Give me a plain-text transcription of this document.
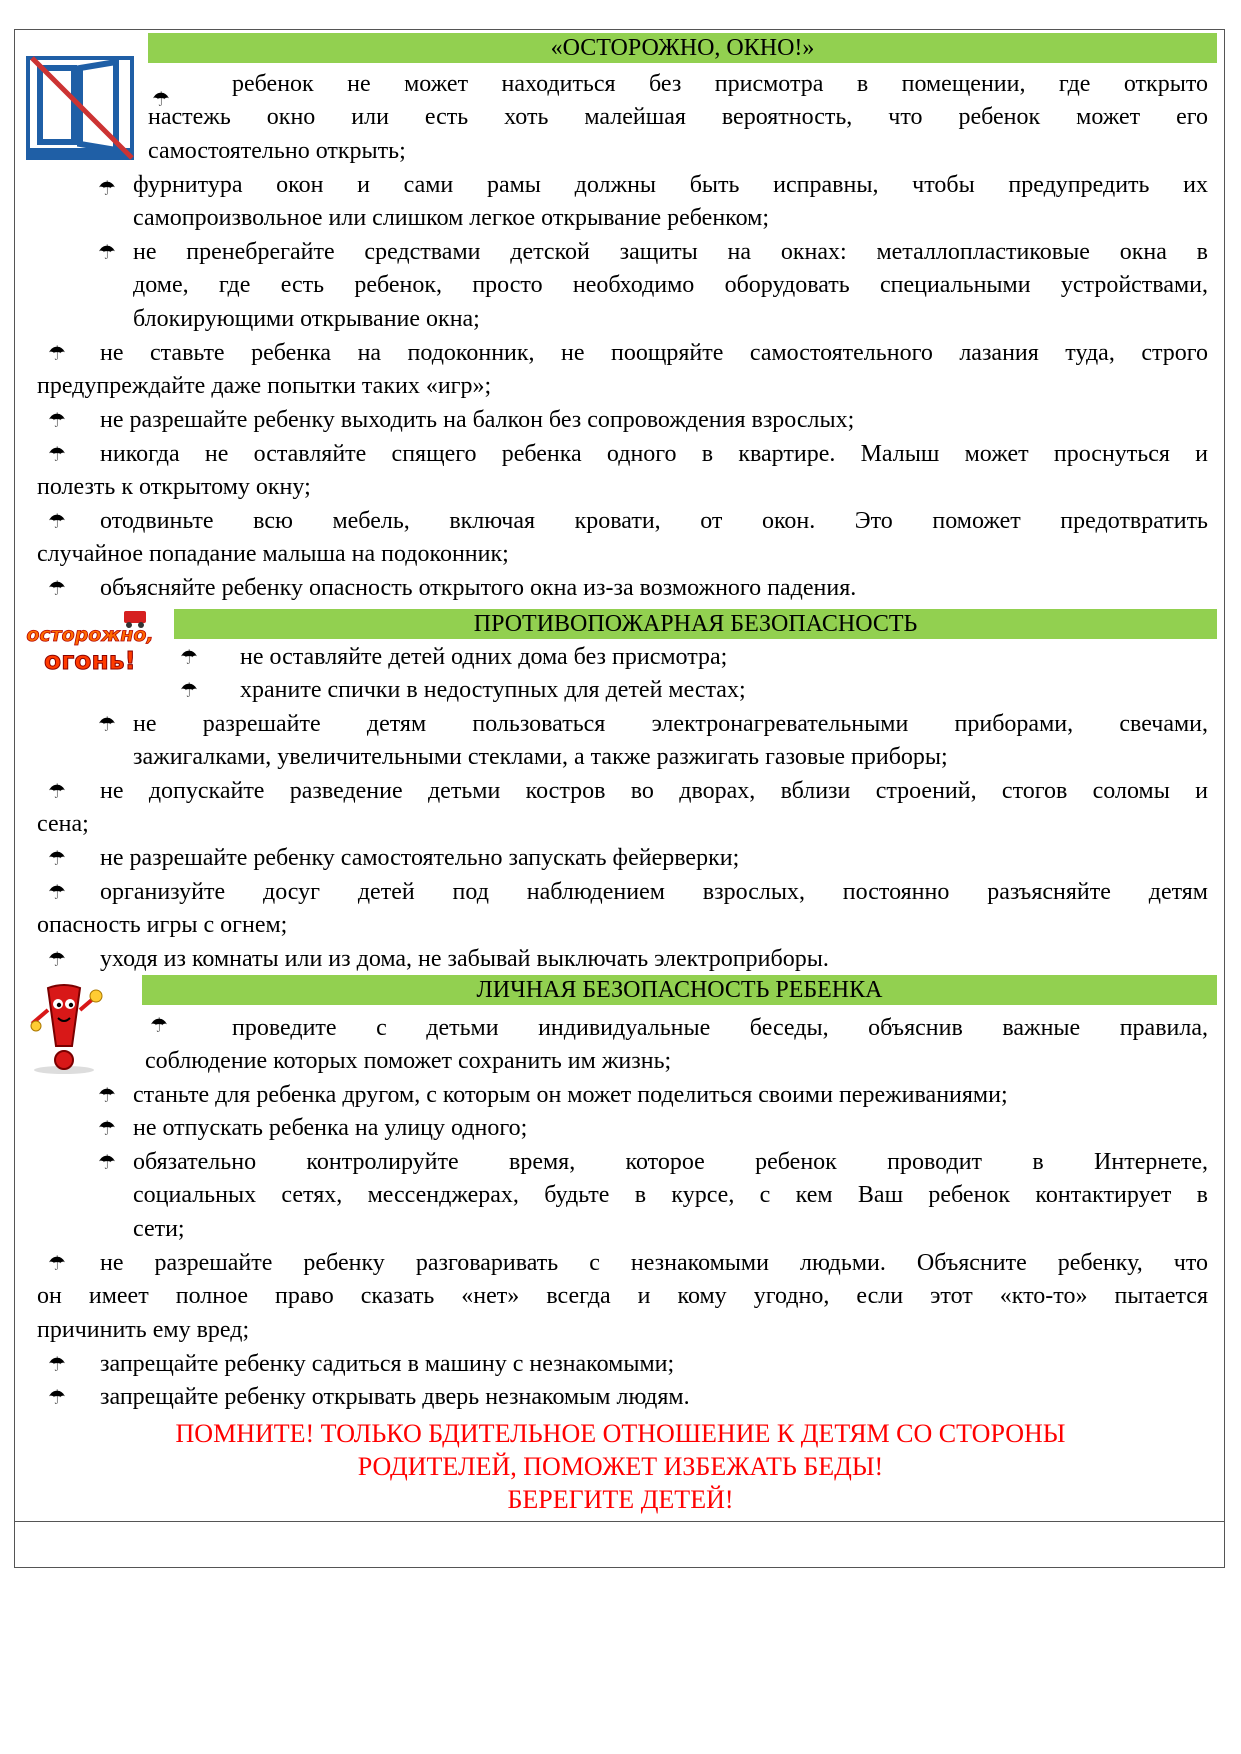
«ОСТОРОЖНО, ОКНО!»
ПРОТИВОПОЖАРНАЯ БЕЗОПАСНОСТЬ
осторожно,
огонь!
ЛИЧНАЯ БЕЗОПАСНОСТЬ РЕБЕНКА
☂
ребенок не может находиться без присмотра в помещении, где открыто
настежь окно или есть хоть малейшая вероятность, что ребенок может его
самостоятельно открыть;
☂ фурнитура окон и сами рамы должны быть исправны, чтобы предупредить их
самопроизвольное или слишком легкое открывание ребенком;
☂ не пренебрегайте средствами детской защиты на окнах: металлопластиковые окна в
доме, где есть ребенок, просто необходимо оборудовать специальными устройствами,
блокирующими открывание окна;
☂ не ставьте ребенка на подоконник, не поощряйте самостоятельного лазания туда, строго
предупреждайте даже попытки таких «игр»;
☂ не разрешайте ребенку выходить на балкон без сопровождения взрослых;
☂ никогда не оставляйте спящего ребенка одного в квартире. Малыш может проснуться и
полезть к открытому окну;
☂ отодвиньте всю мебель, включая кровати, от окон. Это поможет предотвратить
случайное попадание малыша на подоконник;
☂ объясняйте ребенку опасность открытого окна из-за возможного падения.
☂ не оставляйте детей одних дома без присмотра;
☂ храните спички в недоступных для детей местах;
☂ не разрешайте детям пользоваться электронагревательными приборами, свечами,
зажигалками, увеличительными стеклами, а также разжигать газовые приборы;
☂ не допускайте разведение детьми костров во дворах, вблизи строений, стогов соломы и
сена;
☂ не разрешайте ребенку самостоятельно запускать фейерверки;
☂ организуйте досуг детей под наблюдением взрослых, постоянно разъясняйте детям
опасность игры с огнем;
☂ уходя из комнаты или из дома, не забывай выключать электроприборы.
☂	проведите с детьми индивидуальные беседы, объяснив важные правила,
соблюдение которых поможет сохранить им жизнь;
☂ станьте для ребенка другом, с которым он может поделиться своими переживаниями;
☂ не отпускать ребенка на улицу одного;
☂ обязательно контролируйте время, которое ребенок проводит в Интернете,
социальных сетях, мессенджерах, будьте в курсе, с кем Ваш ребенок контактирует в
сети;
☂ не разрешайте ребенку разговаривать с незнакомыми людьми. Объясните ребенку, что
он имеет полное право сказать «нет» всегда и кому угодно, если этот «кто-то» пытается
причинить ему вред;
☂ запрещайте ребенку садиться в машину с незнакомыми;
☂ запрещайте ребенку открывать дверь незнакомым людям.
ПОМНИТЕ! ТОЛЬКО БДИТЕЛЬНОЕ ОТНОШЕНИЕ К ДЕТЯМ СО СТОРОНЫ
РОДИТЕЛЕЙ, ПОМОЖЕТ ИЗБЕЖАТЬ БЕДЫ!
БЕРЕГИТЕ ДЕТЕЙ!
